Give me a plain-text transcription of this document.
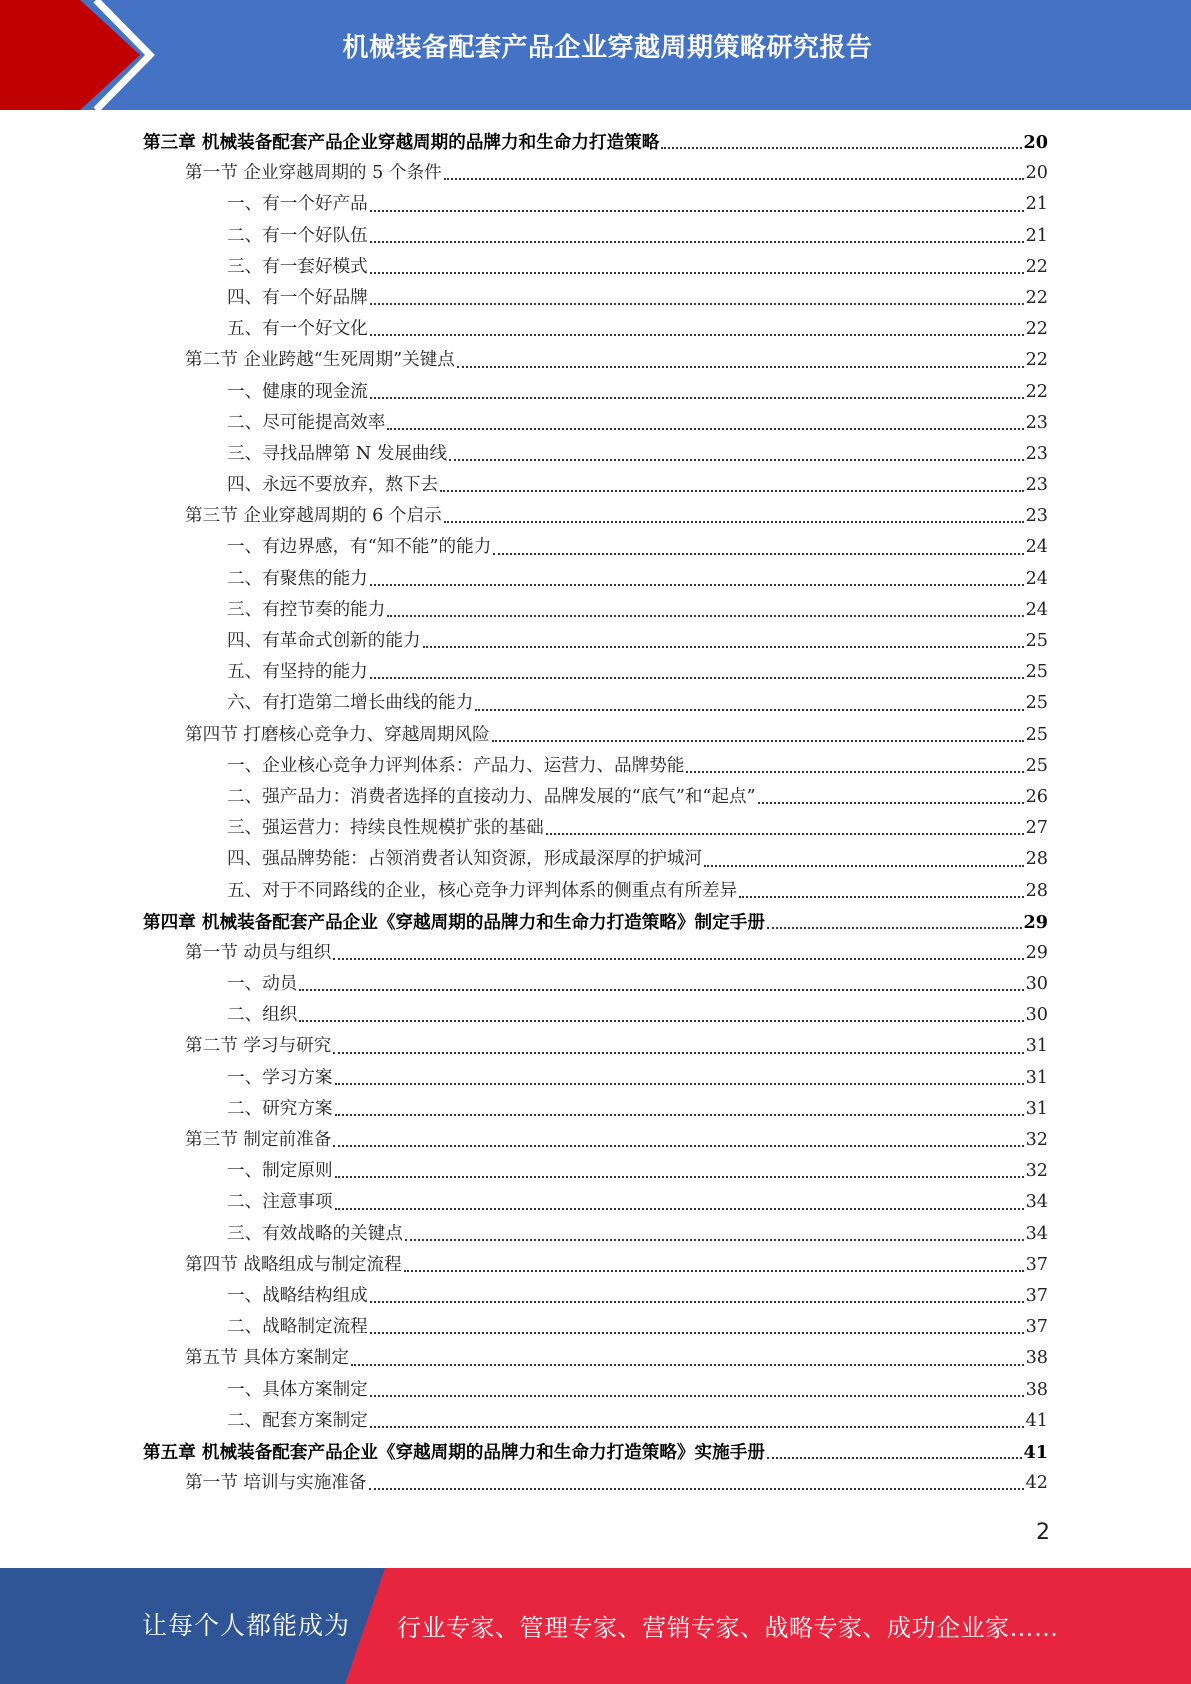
机械装备配套产品企业穿越周期策略研究报告
第三章 机械装备配套产品企业穿越周期的品牌力和生命力打造策略	20
第一节 企业穿越周期的 5 个条件	20
一、有一个好产品	21
二、有一个好队伍	21
三、有一套好模式	22
四、有一个好品牌	22
五、有一个好文化	22
第二节 企业跨越“生死周期”关键点	22
一、健康的现金流	22
二、尽可能提高效率	23
三、寻找品牌第 N 发展曲线	23
四、永远不要放弃，熬下去	23
第三节 企业穿越周期的 6 个启示	23
一、有边界感，有“知不能”的能力	24
二、有聚焦的能力	24
三、有控节奏的能力	24
四、有革命式创新的能力	25
五、有坚持的能力	25
六、有打造第二增长曲线的能力	25
第四节 打磨核心竞争力、穿越周期风险	25
一、企业核心竞争力评判体系：产品力、运营力、品牌势能	25
二、强产品力：消费者选择的直接动力、品牌发展的“底气”和“起点”	26
三、强运营力：持续良性规模扩张的基础	27
四、强品牌势能：占领消费者认知资源，形成最深厚的护城河	28
五、对于不同路线的企业，核心竞争力评判体系的侧重点有所差异	28
第四章 机械装备配套产品企业《穿越周期的品牌力和生命力打造策略》制定手册	29
第一节 动员与组织	29
一、动员	30
二、组织	30
第二节 学习与研究	31
一、学习方案	31
二、研究方案	31
第三节 制定前准备	32
一、制定原则	32
二、注意事项	34
三、有效战略的关键点	34
第四节 战略组成与制定流程	37
一、战略结构组成	37
二、战略制定流程	37
第五节 具体方案制定	38
一、具体方案制定	38
二、配套方案制定	41
第五章 机械装备配套产品企业《穿越周期的品牌力和生命力打造策略》实施手册	41
第一节 培训与实施准备	42
2
让每个人都能成为 行业专家、管理专家、营销专家、战略专家、成功企业家……
